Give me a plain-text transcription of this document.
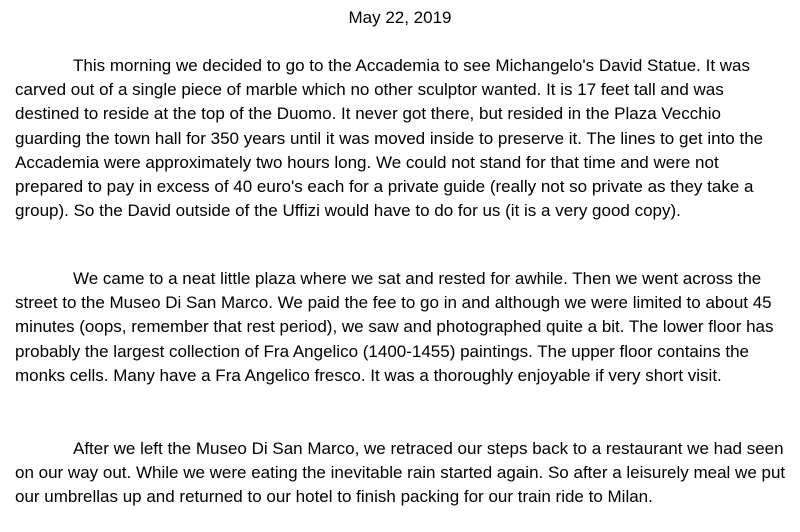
May 22, 2019

This morning we decided to go to the Accademia to see Michangelo's David Statue. It was carved out of a single piece of marble which no other sculptor wanted. It is 17 feet tall and was destined to reside at the top of the Duomo. It never got there, but resided in the Plaza Vecchio guarding the town hall for 350 years until it was moved inside to preserve it. The lines to get into the Accademia were approximately two hours long. We could not stand for that time and were not prepared to pay in excess of 40 euro's each for a private guide (really not so private as they take a group). So the David outside of the Uffizi would have to do for us (it is a very good copy).

We came to a neat little plaza where we sat and rested for awhile. Then we went across the street to the Museo Di San Marco. We paid the fee to go in and although we were limited to about 45 minutes (oops, remember that rest period), we saw and photographed quite a bit. The lower floor has probably the largest collection of Fra Angelico (1400-1455) paintings. The upper floor contains the monks cells. Many have a Fra Angelico fresco. It was a thoroughly enjoyable if very short visit.

After we left the Museo Di San Marco, we retraced our steps back to a restaurant we had seen on our way out. While we were eating the inevitable rain started again. So after a leisurely meal we put our umbrellas up and returned to our hotel to finish packing for our train ride to Milan.
